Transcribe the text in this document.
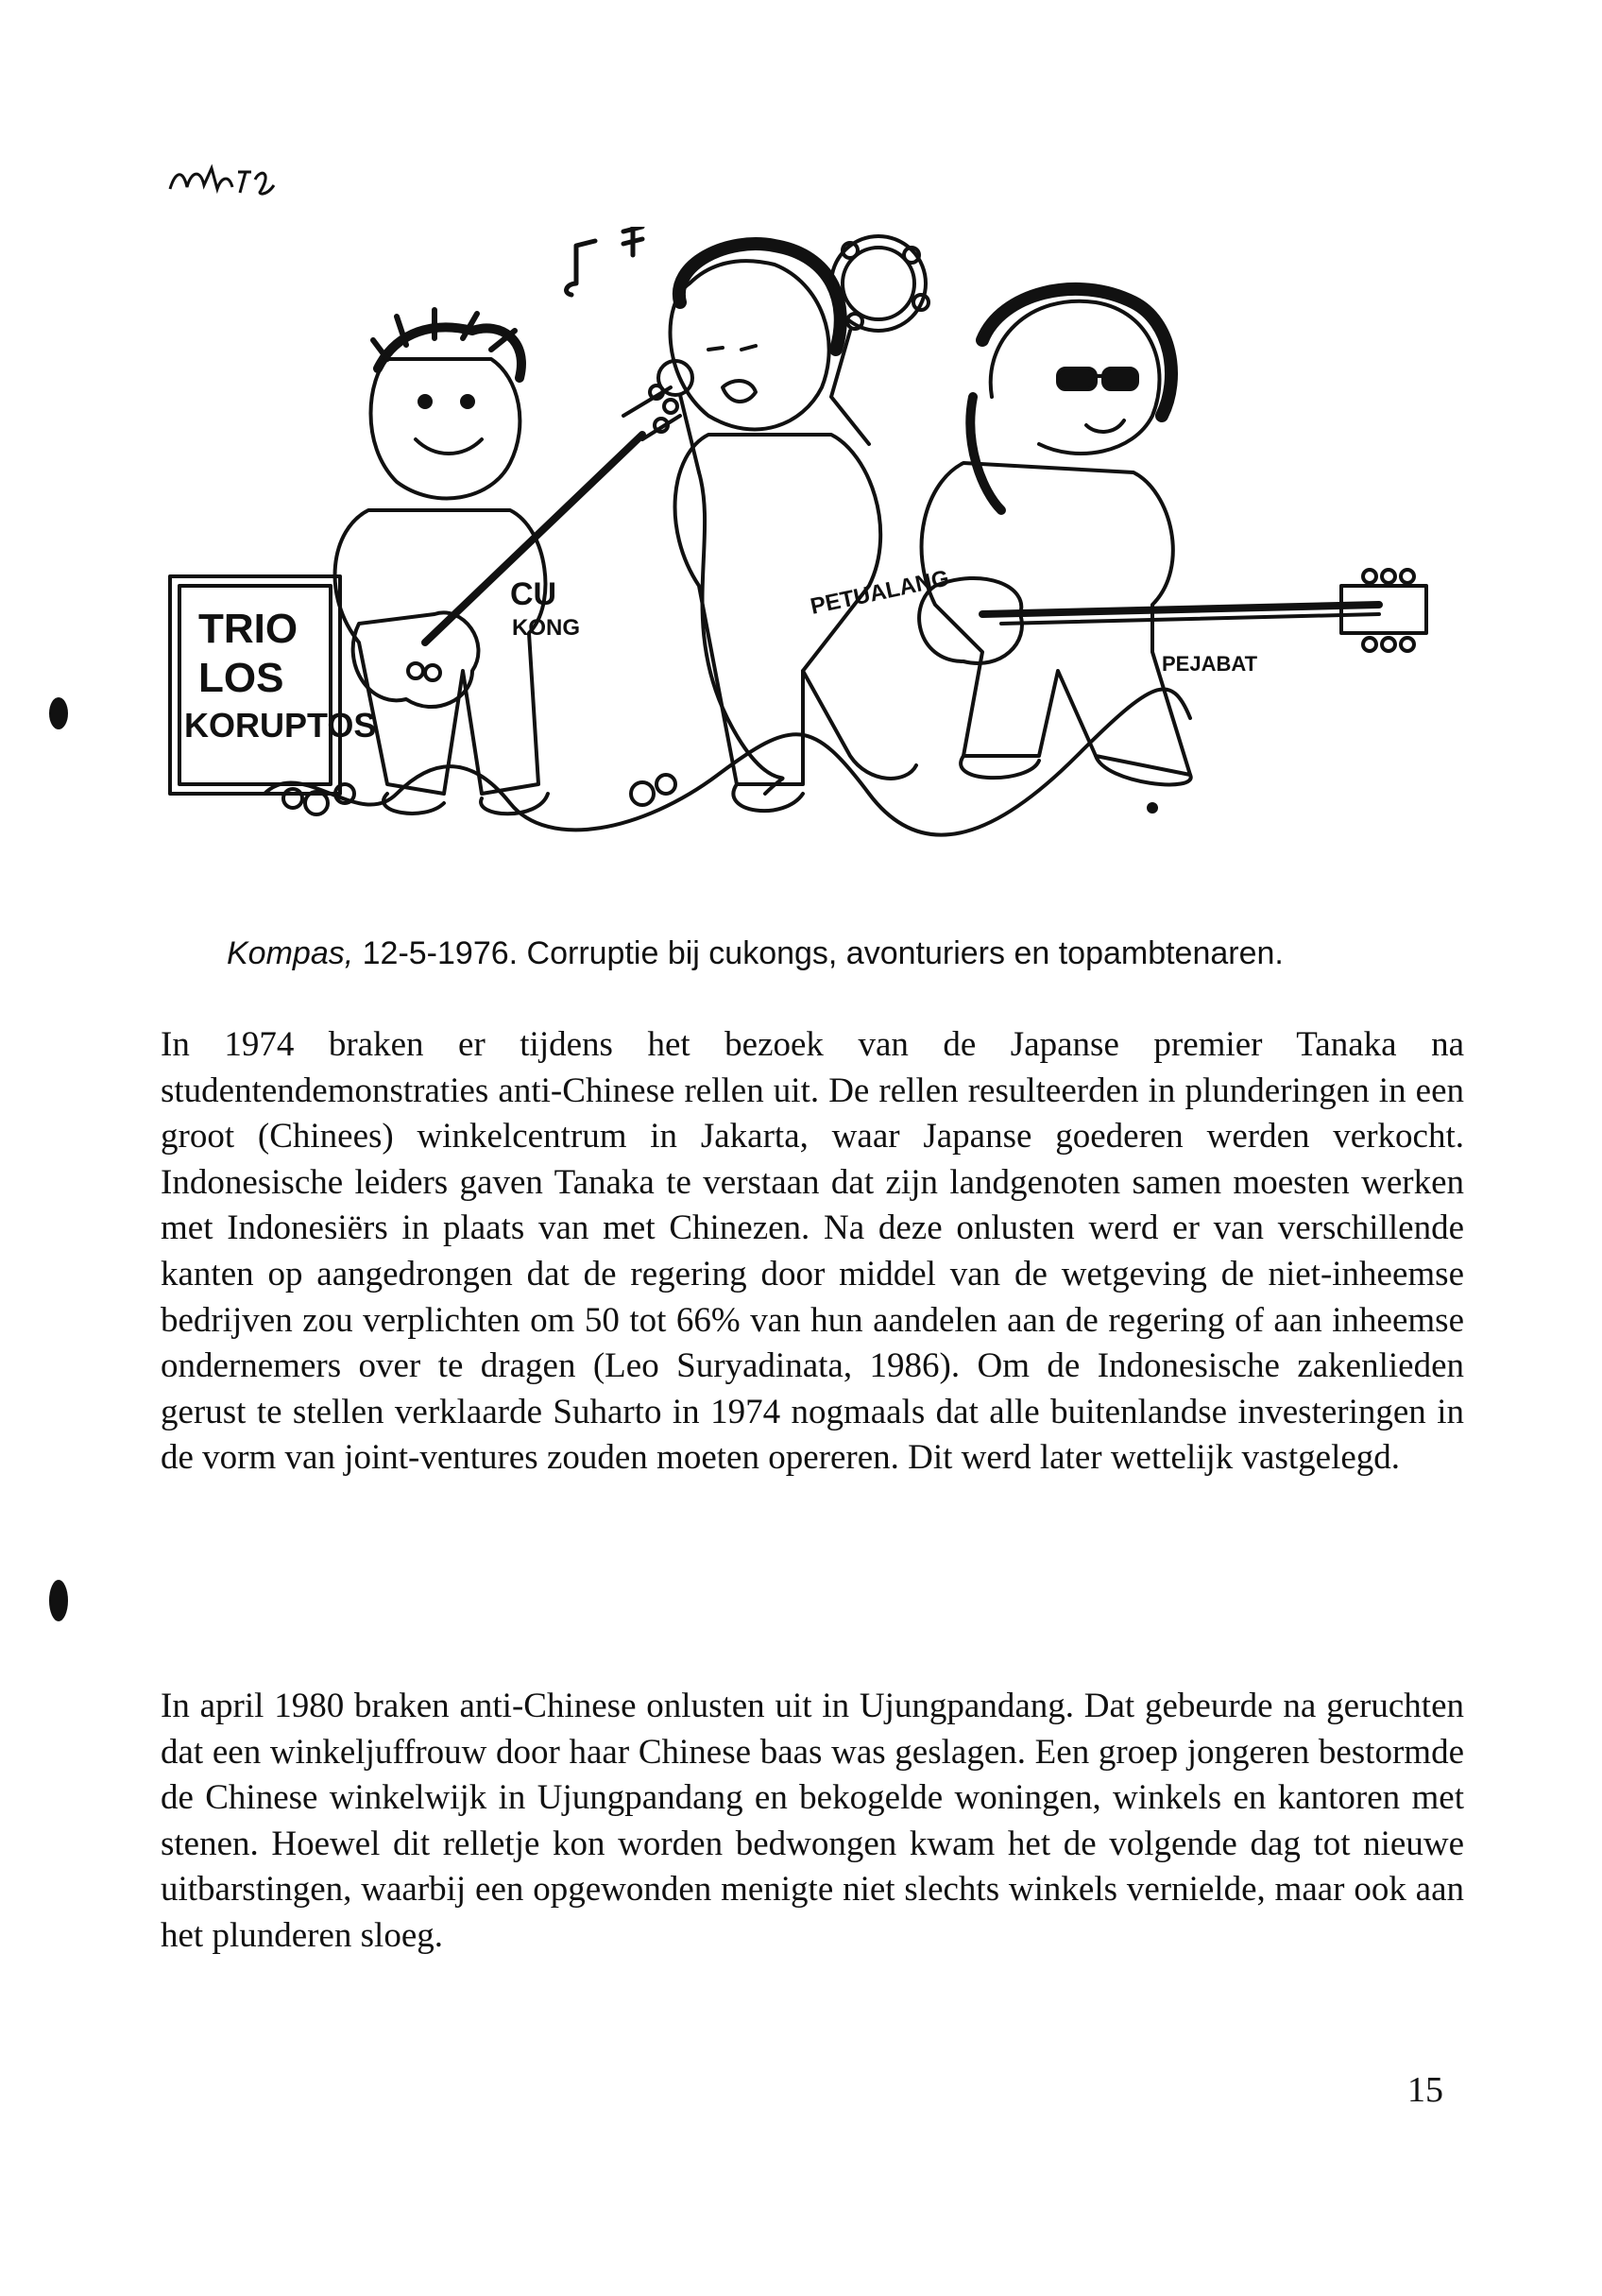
TRIO
LOS
KORUPTOS
CU
KONG
PETUALANG
PEJABAT
Kompas, 12-5-1976. Corruptie bij cukongs, avonturiers en topambtenaren.

In 1974 braken er tijdens het bezoek van de Japanse premier Tanaka na studentendemonstraties anti-Chinese rellen uit. De rellen resulteerden in plunderingen in een groot (Chinees) winkelcentrum in Jakarta, waar Japanse goederen werden verkocht. Indonesische leiders gaven Tanaka te verstaan dat zijn landgenoten samen moesten werken met Indonesiërs in plaats van met Chinezen. Na deze onlusten werd er van verschillende kanten op aangedrongen dat de regering door middel van de wetgeving de niet-inheemse bedrijven zou verplichten om 50 tot 66% van hun aandelen aan de regering of aan inheemse ondernemers over te dragen (Leo Suryadinata, 1986). Om de Indonesische zakenlieden gerust te stellen verklaarde Suharto in 1974 nogmaals dat alle buitenlandse investeringen in de vorm van joint-ventures zouden moeten opereren. Dit werd later wettelijk vastgelegd.

In april 1980 braken anti-Chinese onlusten uit in Ujungpandang. Dat gebeurde na geruchten dat een winkeljuffrouw door haar Chinese baas was geslagen. Een groep jongeren bestormde de Chinese winkelwijk in Ujungpandang en bekogelde woningen, winkels en kantoren met stenen. Hoewel dit relletje kon worden bedwongen kwam het de volgende dag tot nieuwe uitbarstingen, waarbij een opgewonden menigte niet slechts winkels vernielde, maar ook aan het plunderen sloeg.

15
